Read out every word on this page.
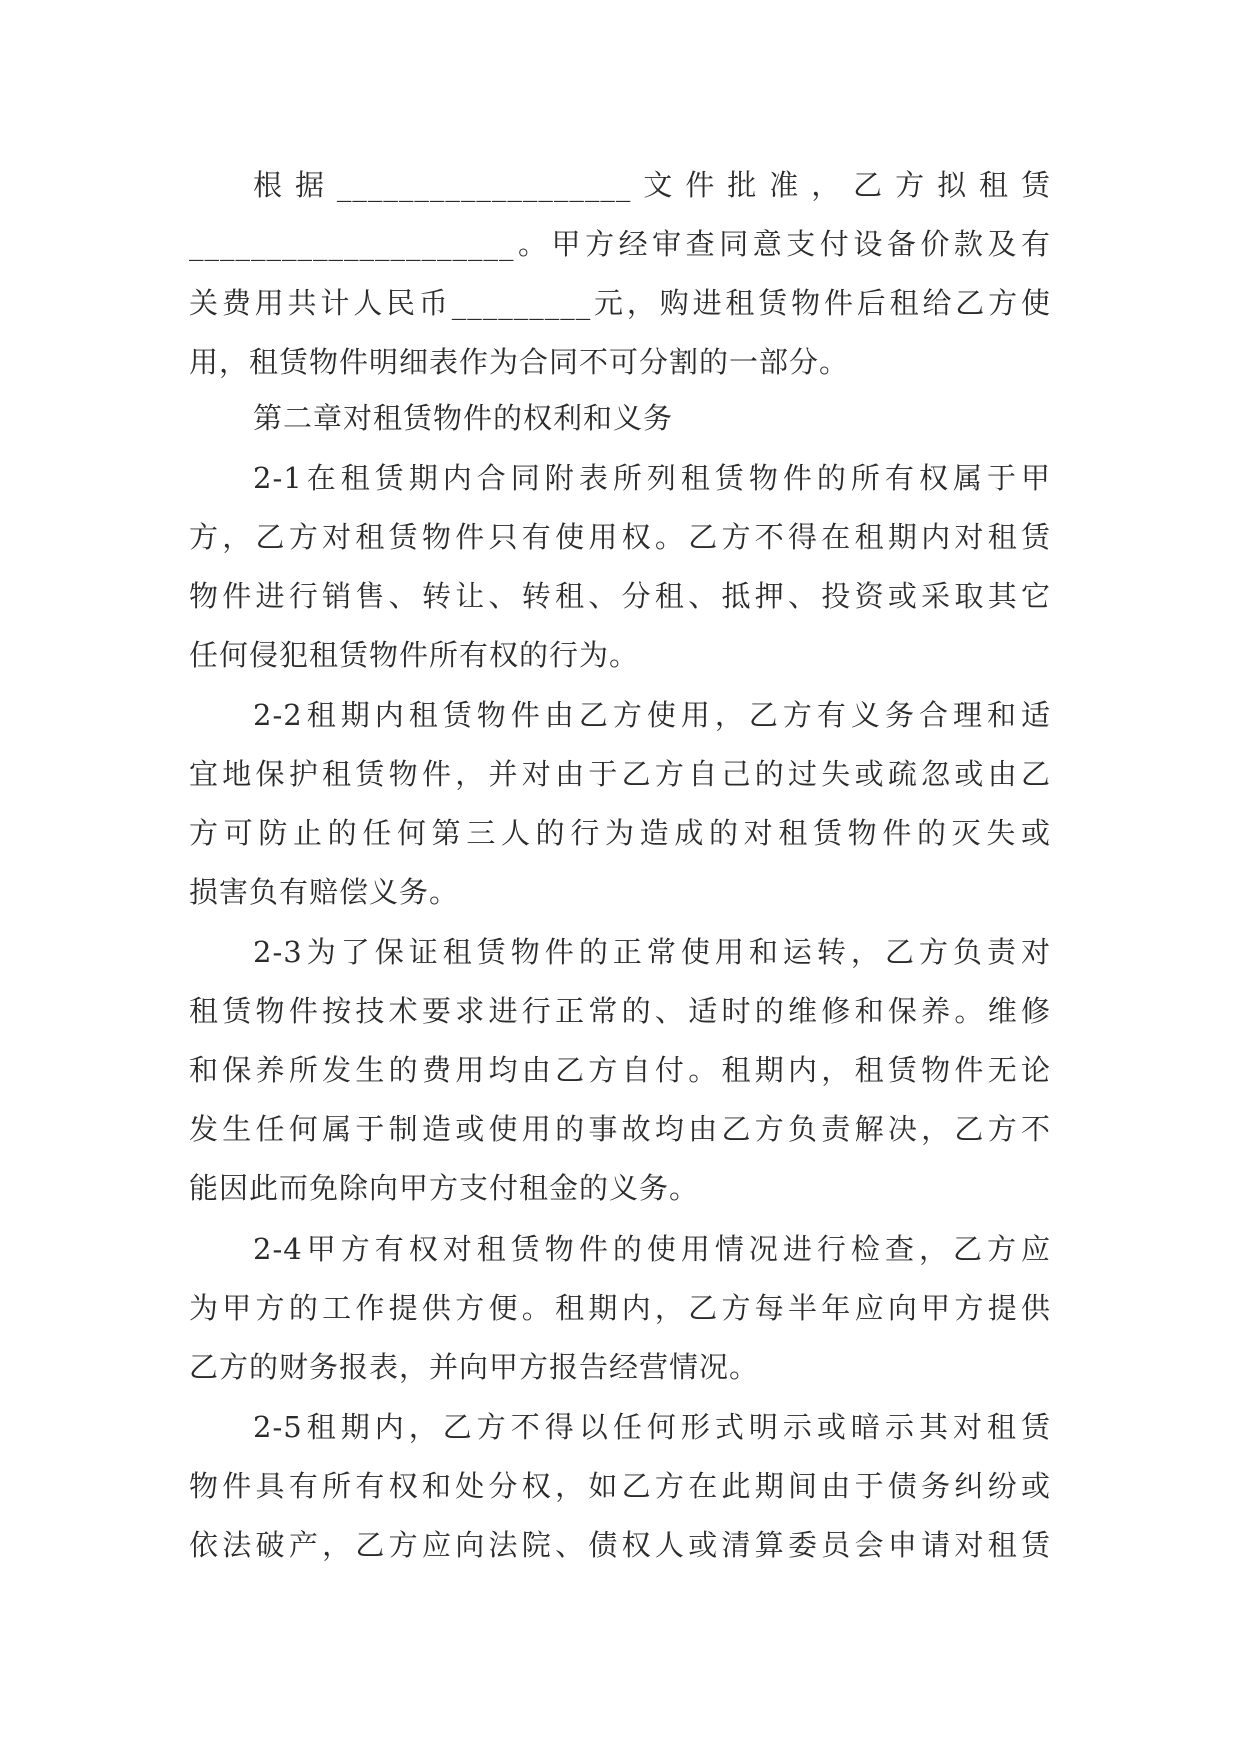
根据___________________文件批准，乙方拟租赁
_____________________。甲方经审查同意支付设备价款及有
关费用共计人民币_________元，购进租赁物件后租给乙方使
用，租赁物件明细表作为合同不可分割的一部分。
第二章对租赁物件的权利和义务
2-1在租赁期内合同附表所列租赁物件的所有权属于甲
方，乙方对租赁物件只有使用权。乙方不得在租期内对租赁
物件进行销售、转让、转租、分租、抵押、投资或采取其它
任何侵犯租赁物件所有权的行为。
2-2租期内租赁物件由乙方使用，乙方有义务合理和适
宜地保护租赁物件，并对由于乙方自己的过失或疏忽或由乙
方可防止的任何第三人的行为造成的对租赁物件的灭失或
损害负有赔偿义务。
2-3为了保证租赁物件的正常使用和运转，乙方负责对
租赁物件按技术要求进行正常的、适时的维修和保养。维修
和保养所发生的费用均由乙方自付。租期内，租赁物件无论
发生任何属于制造或使用的事故均由乙方负责解决，乙方不
能因此而免除向甲方支付租金的义务。
2-4甲方有权对租赁物件的使用情况进行检查，乙方应
为甲方的工作提供方便。租期内，乙方每半年应向甲方提供
乙方的财务报表，并向甲方报告经营情况。
2-5租期内，乙方不得以任何形式明示或暗示其对租赁
物件具有所有权和处分权，如乙方在此期间由于债务纠纷或
依法破产，乙方应向法院、债权人或清算委员会申请对租赁
